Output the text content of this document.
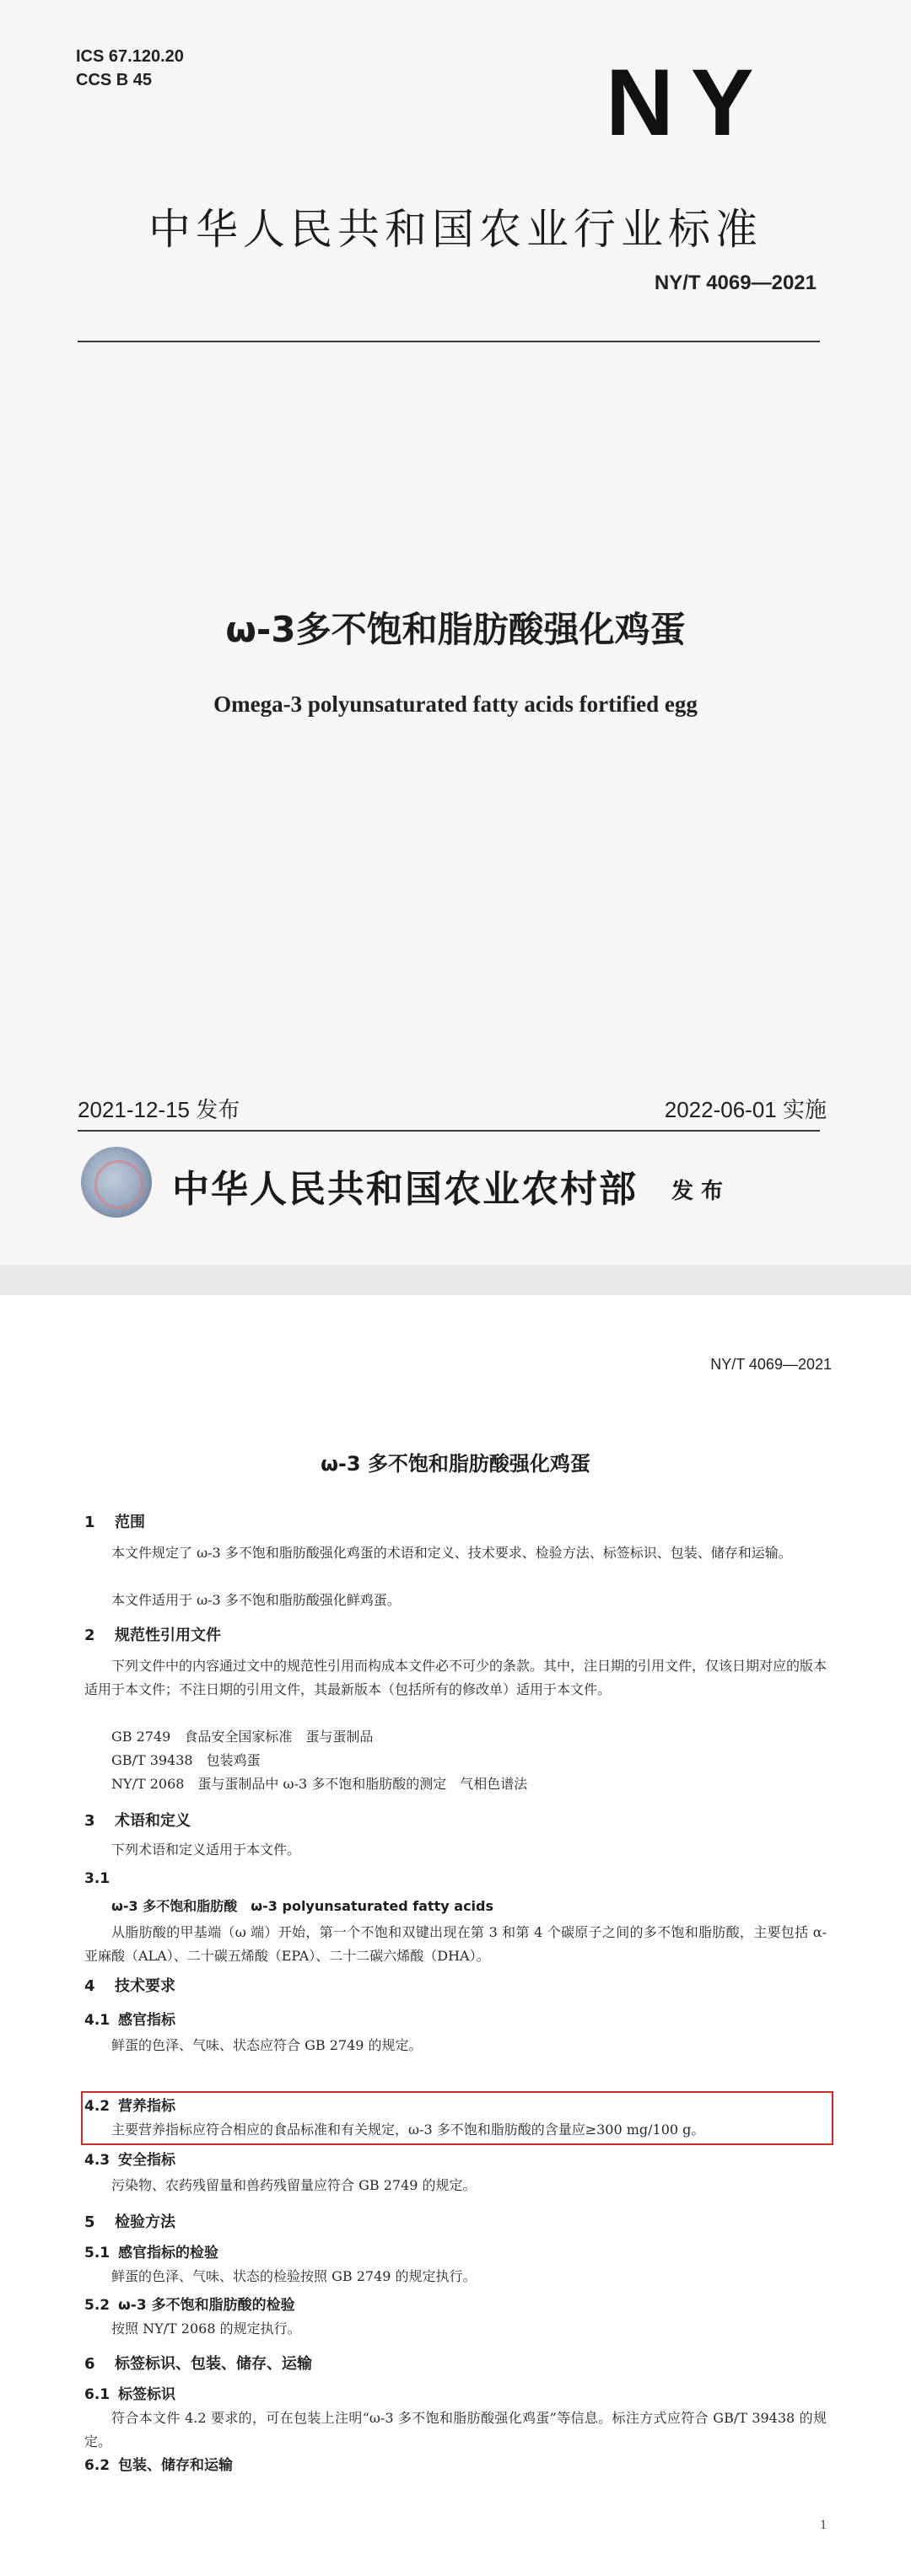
ICS 67.120.20
CCS B 45	NY
中华人民共和国农业行业标准
NY/T 4069—2021
ω-3多不饱和脂肪酸强化鸡蛋
Omega-3 polyunsaturated fatty acids fortified egg
2021-12-15 发布	2022-06-01 实施
中华人民共和国农业农村部 发 布
NY/T 4069—2021
ω-3 多不饱和脂肪酸强化鸡蛋
1 范围
本文件规定了 ω-3 多不饱和脂肪酸强化鸡蛋的术语和定义、技术要求、检验方法、标签标识、包装、储存和运输。
本文件适用于 ω-3 多不饱和脂肪酸强化鲜鸡蛋。
2 规范性引用文件
下列文件中的内容通过文中的规范性引用而构成本文件必不可少的条款。其中，注日期的引用文件，仅该日期对应的版本适用于本文件；不注日期的引用文件，其最新版本（包括所有的修改单）适用于本文件。
GB 2749　食品安全国家标准　蛋与蛋制品
GB/T 39438　包装鸡蛋
NY/T 2068　蛋与蛋制品中 ω-3 多不饱和脂肪酸的测定　气相色谱法
3 术语和定义
下列术语和定义适用于本文件。
3.1
ω-3 多不饱和脂肪酸　ω-3 polyunsaturated fatty acids
从脂肪酸的甲基端（ω 端）开始，第一个不饱和双键出现在第 3 和第 4 个碳原子之间的多不饱和脂肪酸，主要包括 α-亚麻酸（ALA）、二十碳五烯酸（EPA）、二十二碳六烯酸（DHA）。
4 技术要求
4.1 感官指标
鲜蛋的色泽、气味、状态应符合 GB 2749 的规定。
4.2 营养指标
主要营养指标应符合相应的食品标准和有关规定，ω-3 多不饱和脂肪酸的含量应≥300 mg/100 g。
4.3 安全指标
污染物、农药残留量和兽药残留量应符合 GB 2749 的规定。
5 检验方法
5.1 感官指标的检验
鲜蛋的色泽、气味、状态的检验按照 GB 2749 的规定执行。
5.2 ω-3 多不饱和脂肪酸的检验
按照 NY/T 2068 的规定执行。
6 标签标识、包装、储存、运输
6.1 标签标识
符合本文件 4.2 要求的，可在包装上注明“ω-3 多不饱和脂肪酸强化鸡蛋”等信息。标注方式应符合 GB/T 39438 的规定。
6.2 包装、储存和运输
1
